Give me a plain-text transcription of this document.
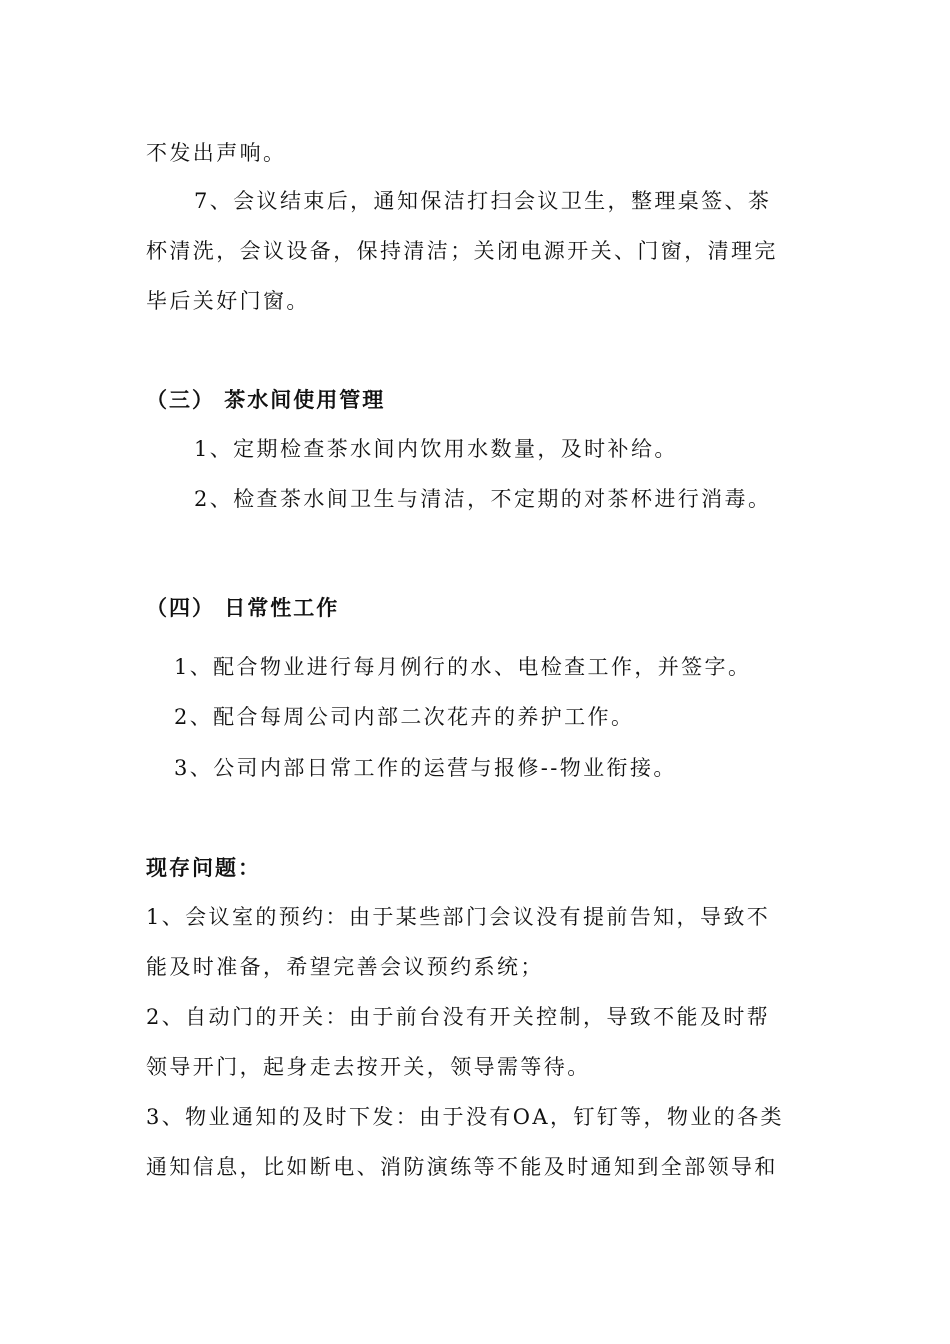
不发出声响。
7、会议结束后，通知保洁打扫会议卫生，整理桌签、茶
杯清洗，会议设备，保持清洁；关闭电源开关、门窗，清理完
毕后关好门窗。
（三） 茶水间使用管理
1、定期检查茶水间内饮用水数量，及时补给。
2、检查茶水间卫生与清洁，不定期的对茶杯进行消毒。
（四） 日常性工作
1、配合物业进行每月例行的水、电检查工作，并签字。
2、配合每周公司内部二次花卉的养护工作。
3、公司内部日常工作的运营与报修--物业衔接。
现存问题：
1、会议室的预约：由于某些部门会议没有提前告知，导致不
能及时准备，希望完善会议预约系统；
2、自动门的开关：由于前台没有开关控制，导致不能及时帮
领导开门，起身走去按开关，领导需等待。
3、物业通知的及时下发：由于没有OA，钉钉等，物业的各类
通知信息，比如断电、消防演练等不能及时通知到全部领导和
